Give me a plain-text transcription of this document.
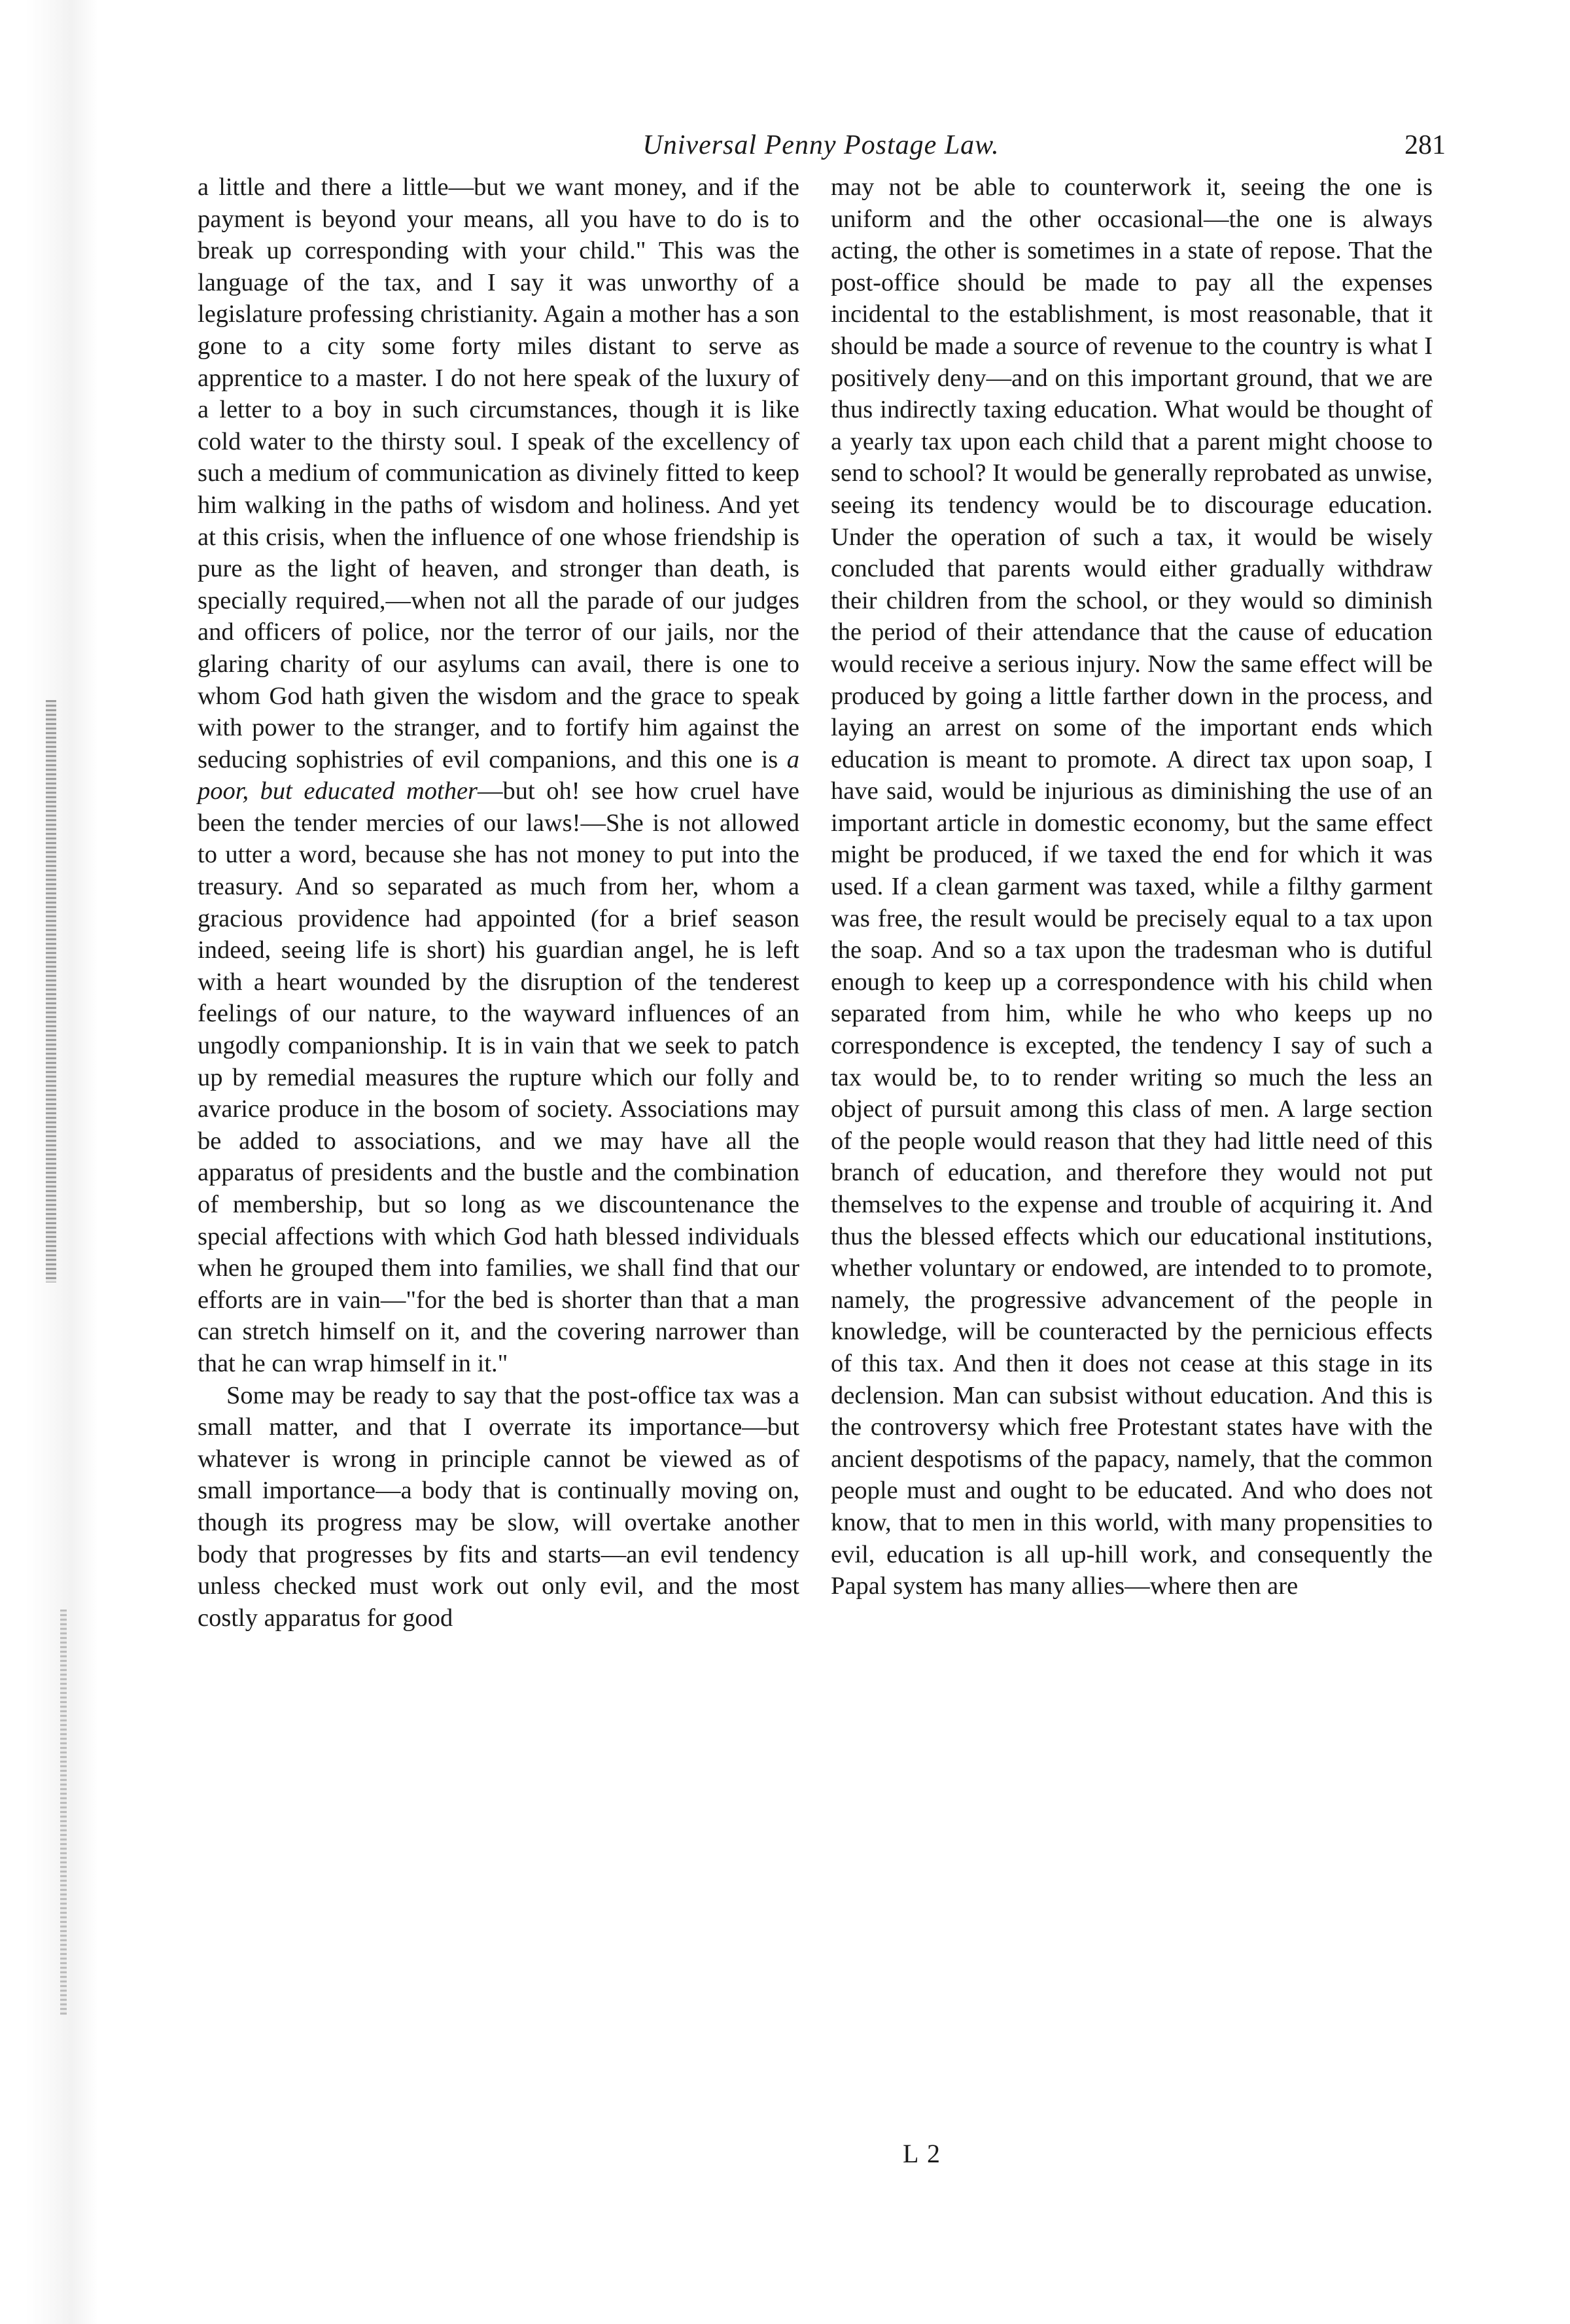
Universal Penny Postage Law.	281

a little and there a little—but we want money, and if the payment is beyond your means, all you have to do is to break up corresponding with your child." This was the language of the tax, and I say it was unworthy of a legislature professing christianity. Again a mother has a son gone to a city some forty miles distant to serve as apprentice to a master. I do not here speak of the luxury of a letter to a boy in such circumstances, though it is like cold water to the thirsty soul. I speak of the excellency of such a medium of communication as divinely fitted to keep him walking in the paths of wisdom and holiness. And yet at this crisis, when the influence of one whose friendship is pure as the light of heaven, and stronger than death, is specially required,—when not all the parade of our judges and officers of police, nor the terror of our jails, nor the glaring charity of our asylums can avail, there is one to whom God hath given the wisdom and the grace to speak with power to the stranger, and to fortify him against the seducing sophistries of evil companions, and this one is a poor, but educated mother—but oh! see how cruel have been the tender mercies of our laws!—She is not allowed to utter a word, because she has not money to put into the treasury. And so separated as much from her, whom a gracious providence had appointed (for a brief season indeed, seeing life is short) his guardian angel, he is left with a heart wounded by the disruption of the tenderest feelings of our nature, to the wayward influences of an ungodly companionship. It is in vain that we seek to patch up by remedial measures the rupture which our folly and avarice produce in the bosom of society. Associations may be added to associations, and we may have all the apparatus of presidents and the bustle and the combination of membership, but so long as we discountenance the special affections with which God hath blessed individuals when he grouped them into families, we shall find that our efforts are in vain—"for the bed is shorter than that a man can stretch himself on it, and the covering narrower than that he can wrap himself in it."

Some may be ready to say that the post-office tax was a small matter, and that I overrate its importance—but whatever is wrong in principle cannot be viewed as of small importance—a body that is continually moving on, though its progress may be slow, will overtake another body that progresses by fits and starts—an evil tendency unless checked must work out only evil, and the most costly apparatus for good

may not be able to counterwork it, seeing the one is uniform and the other occasional—the one is always acting, the other is sometimes in a state of repose. That the post-office should be made to pay all the expenses incidental to the establishment, is most reasonable, that it should be made a source of revenue to the country is what I positively deny—and on this important ground, that we are thus indirectly taxing education. What would be thought of a yearly tax upon each child that a parent might choose to send to school? It would be generally reprobated as unwise, seeing its tendency would be to discourage education. Under the operation of such a tax, it would be wisely concluded that parents would either gradually withdraw their children from the school, or they would so diminish the period of their attendance that the cause of education would receive a serious injury. Now the same effect will be produced by going a little farther down in the process, and laying an arrest on some of the important ends which education is meant to promote. A direct tax upon soap, I have said, would be injurious as diminishing the use of an important article in domestic economy, but the same effect might be produced, if we taxed the end for which it was used. If a clean garment was taxed, while a filthy garment was free, the result would be precisely equal to a tax upon the soap. And so a tax upon the tradesman who is dutiful enough to keep up a correspondence with his child when separated from him, while he who who keeps up no correspondence is excepted, the tendency I say of such a tax would be, to to render writing so much the less an object of pursuit among this class of men. A large section of the people would reason that they had little need of this branch of education, and therefore they would not put themselves to the expense and trouble of acquiring it. And thus the blessed effects which our educational institutions, whether voluntary or endowed, are intended to to promote, namely, the progressive advancement of the people in knowledge, will be counteracted by the pernicious effects of this tax. And then it does not cease at this stage in its declension. Man can subsist without education. And this is the controversy which free Protestant states have with the ancient despotisms of the papacy, namely, that the common people must and ought to be educated. And who does not know, that to men in this world, with many propensities to evil, education is all up-hill work, and consequently the Papal system has many allies—where then are

L 2
